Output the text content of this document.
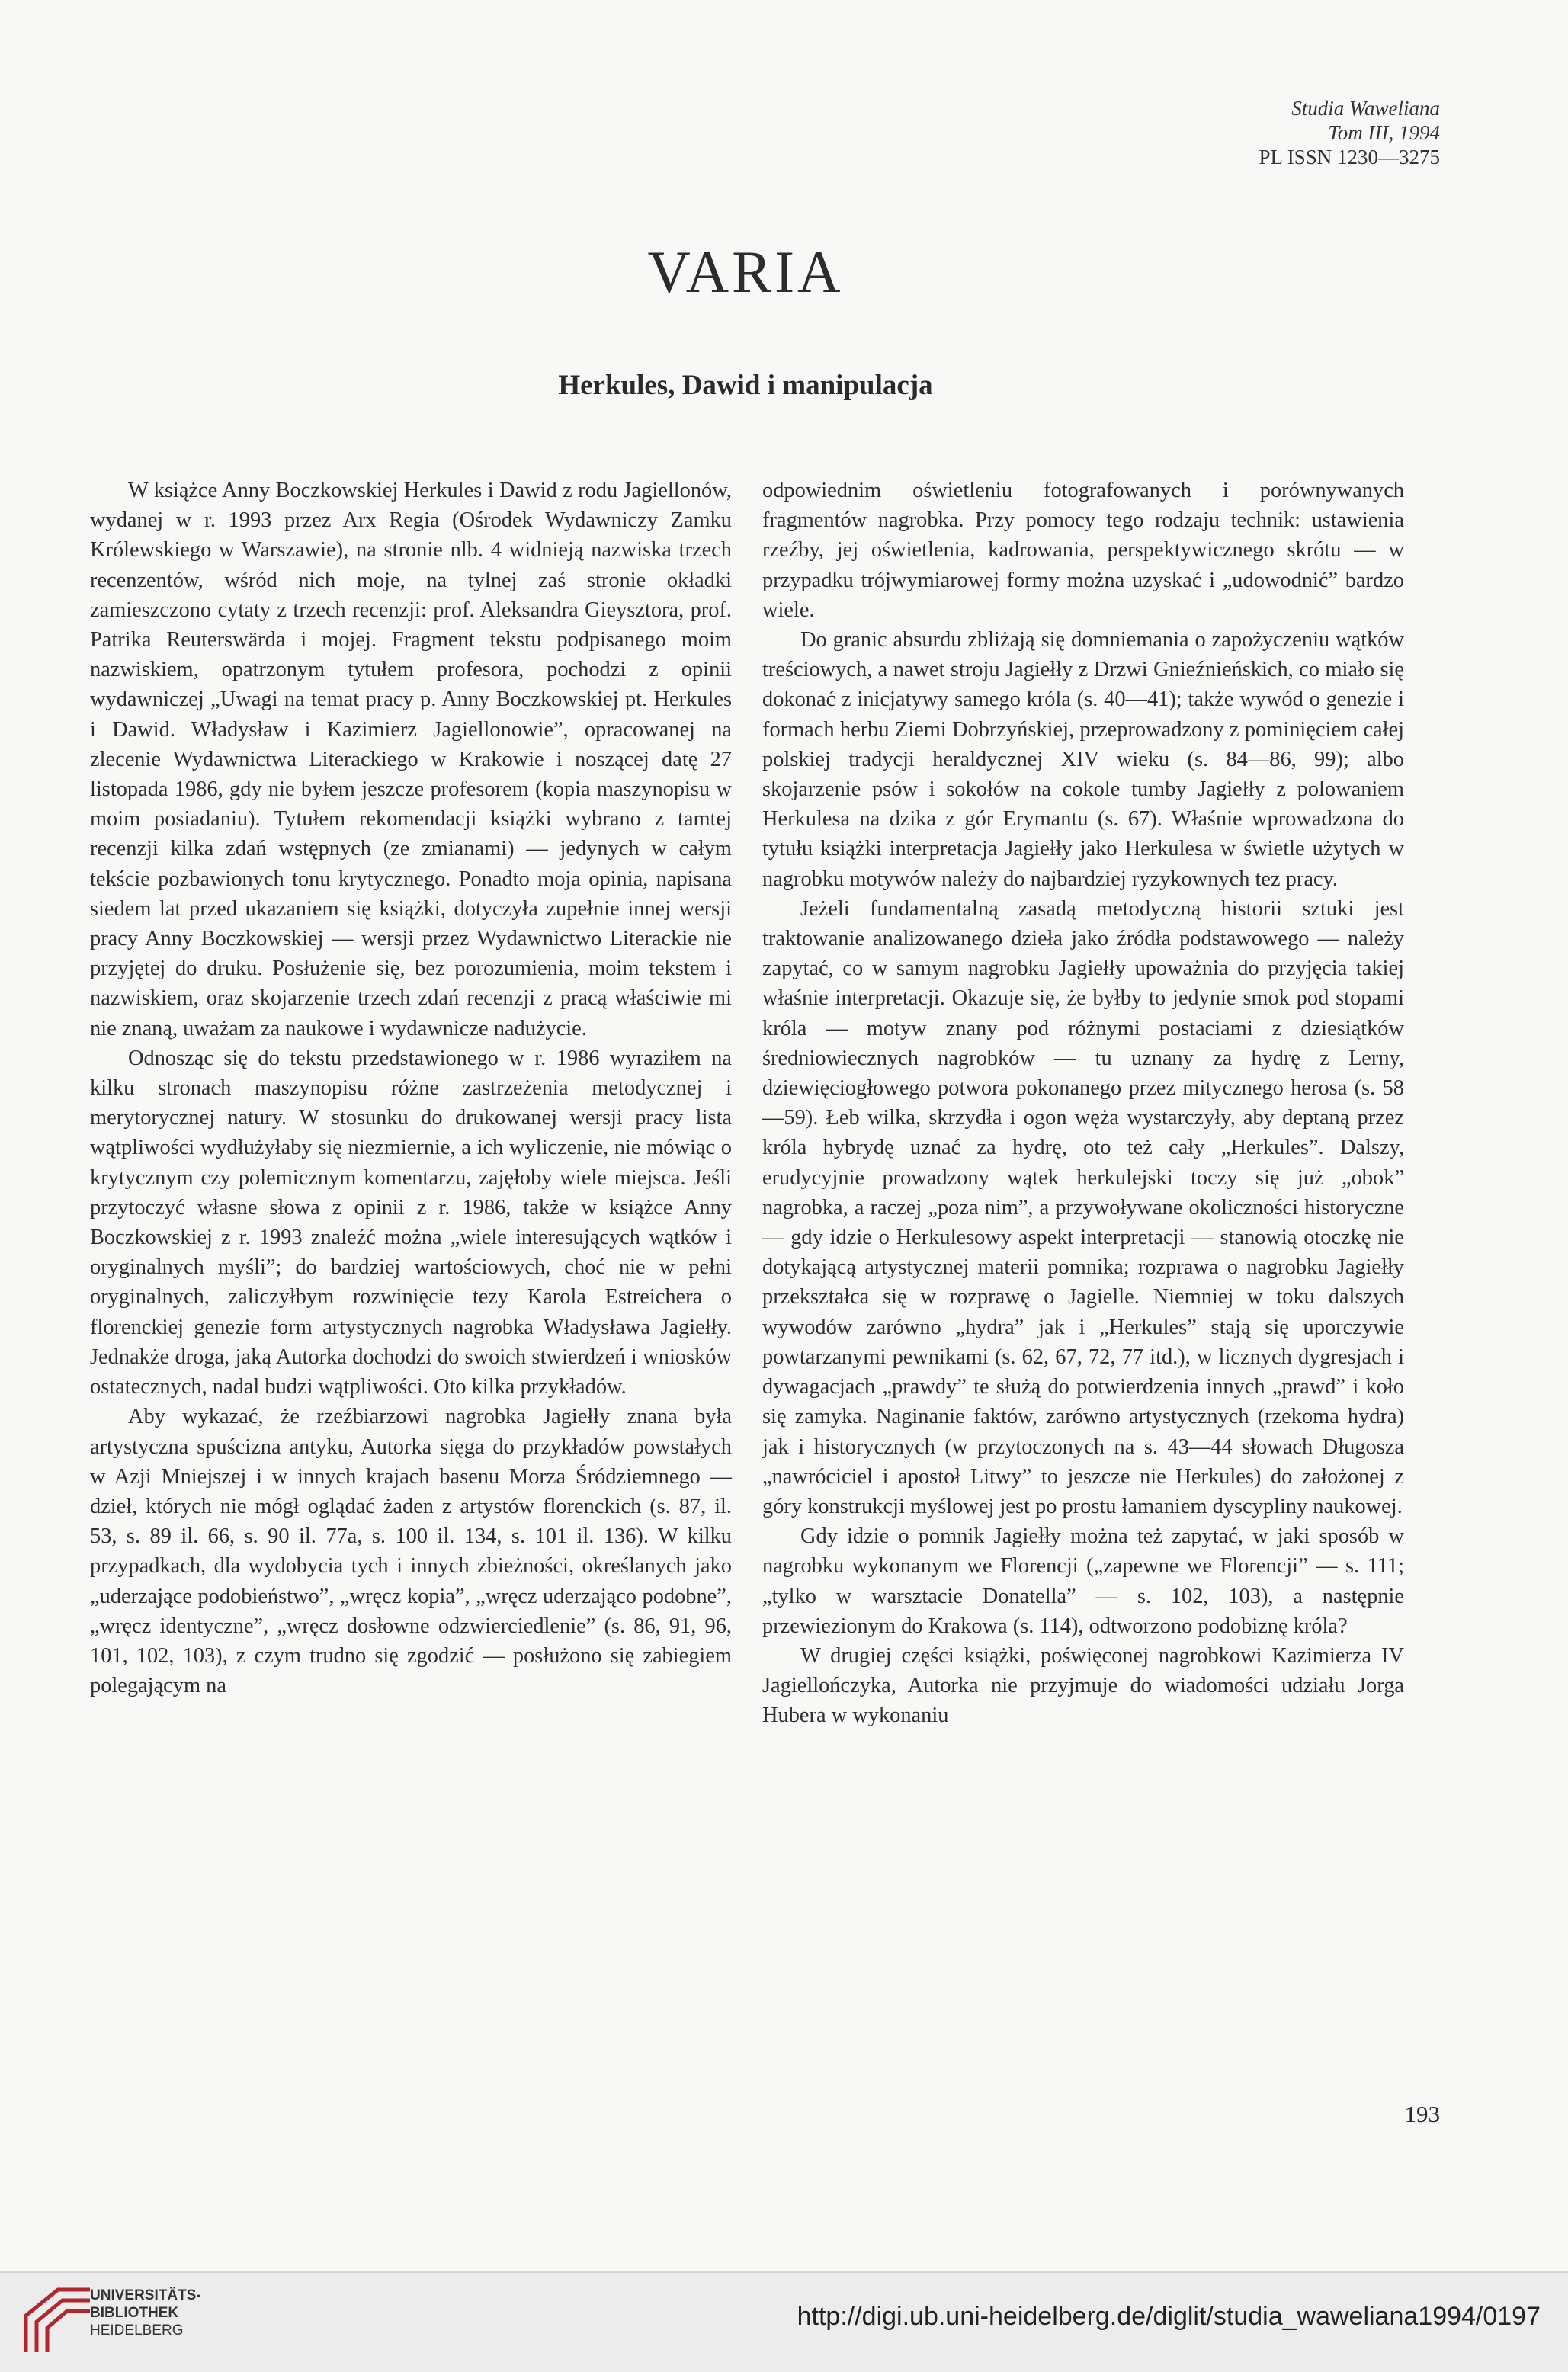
Studia Waweliana
Tom III, 1994
PL ISSN 1230—3275
VARIA
Herkules, Dawid i manipulacja

W książce Anny Boczkowskiej Herkules i Dawid z rodu Jagiellonów, wydanej w r. 1993 przez Arx Regia (Ośrodek Wydawniczy Zamku Królewskiego w Warszawie), na stronie nlb. 4 widnieją nazwiska trzech recenzentów, wśród nich moje, na tylnej zaś stronie okładki zamieszczono cytaty z trzech recenzji: prof. Aleksandra Gieysztora, prof. Patrika Reuterswärda i mojej. Fragment tekstu podpisanego moim nazwiskiem, opatrzonym tytułem profesora, pochodzi z opinii wydawniczej „Uwagi na temat pracy p. Anny Boczkowskiej pt. Herkules i Dawid. Władysław i Kazimierz Jagiellonowie”, opracowanej na zlecenie Wydawnictwa Literackiego w Krakowie i noszącej datę 27 listopada 1986, gdy nie byłem jeszcze profesorem (kopia maszynopisu w moim posiadaniu). Tytułem rekomendacji książki wybrano z tamtej recenzji kilka zdań wstępnych (ze zmianami) — jedynych w całym tekście pozbawionych tonu krytycznego. Ponadto moja opinia, napisana siedem lat przed ukazaniem się książki, dotyczyła zupełnie innej wersji pracy Anny Boczkowskiej — wersji przez Wydawnictwo Literackie nie przyjętej do druku. Posłużenie się, bez porozumienia, moim tekstem i nazwiskiem, oraz skojarzenie trzech zdań recenzji z pracą właściwie mi nie znaną, uważam za naukowe i wydawnicze nadużycie.

Odnosząc się do tekstu przedstawionego w r. 1986 wyraziłem na kilku stronach maszynopisu różne zastrzeżenia metodycznej i merytorycznej natury. W stosunku do drukowanej wersji pracy lista wątpliwości wydłużyłaby się niezmiernie, a ich wyliczenie, nie mówiąc o krytycznym czy polemicznym komentarzu, zajęłoby wiele miejsca. Jeśli przytoczyć własne słowa z opinii z r. 1986, także w książce Anny Boczkowskiej z r. 1993 znaleźć można „wiele interesujących wątków i oryginalnych myśli”; do bardziej wartościowych, choć nie w pełni oryginalnych, zaliczyłbym rozwinięcie tezy Karola Estreichera o florenckiej genezie form artystycznych nagrobka Władysława Jagiełły. Jednakże droga, jaką Autorka dochodzi do swoich stwierdzeń i wniosków ostatecznych, nadal budzi wątpliwości. Oto kilka przykładów.

Aby wykazać, że rzeźbiarzowi nagrobka Jagiełły znana była artystyczna spuścizna antyku, Autorka sięga do przykładów powstałych w Azji Mniejszej i w innych krajach basenu Morza Śródziemnego — dzieł, których nie mógł oglądać żaden z artystów florenckich (s. 87, il. 53, s. 89 il. 66, s. 90 il. 77a, s. 100 il. 134, s. 101 il. 136). W kilku przypadkach, dla wydobycia tych i innych zbieżności, określanych jako „uderzające podobieństwo”, „wręcz kopia”, „wręcz uderzająco podobne”, „wręcz identyczne”, „wręcz dosłowne odzwierciedlenie” (s. 86, 91, 96, 101, 102, 103), z czym trudno się zgodzić — posłużono się zabiegiem polegającym na

odpowiednim oświetleniu fotografowanych i porównywanych fragmentów nagrobka. Przy pomocy tego rodzaju technik: ustawienia rzeźby, jej oświetlenia, kadrowania, perspektywicznego skrótu — w przypadku trójwymiarowej formy można uzyskać i „udowodnić” bardzo wiele.

Do granic absurdu zbliżają się domniemania o zapożyczeniu wątków treściowych, a nawet stroju Jagiełły z Drzwi Gnieźnieńskich, co miało się dokonać z inicjatywy samego króla (s. 40—41); także wywód o genezie i formach herbu Ziemi Dobrzyńskiej, przeprowadzony z pominięciem całej polskiej tradycji heraldycznej XIV wieku (s. 84—86, 99); albo skojarzenie psów i sokołów na cokole tumby Jagiełły z polowaniem Herkulesa na dzika z gór Erymantu (s. 67). Właśnie wprowadzona do tytułu książki interpretacja Jagiełły jako Herkulesa w świetle użytych w nagrobku motywów należy do najbardziej ryzykownych tez pracy.

Jeżeli fundamentalną zasadą metodyczną historii sztuki jest traktowanie analizowanego dzieła jako źródła podstawowego — należy zapytać, co w samym nagrobku Jagiełły upoważnia do przyjęcia takiej właśnie interpretacji. Okazuje się, że byłby to jedynie smok pod stopami króla — motyw znany pod różnymi postaciami z dziesiątków średniowiecznych nagrobków — tu uznany za hydrę z Lerny, dziewięciogłowego potwora pokonanego przez mitycznego herosa (s. 58—59). Łeb wilka, skrzydła i ogon węża wystarczyły, aby deptaną przez króla hybrydę uznać za hydrę, oto też cały „Herkules”. Dalszy, erudycyjnie prowadzony wątek herkulejski toczy się już „obok” nagrobka, a raczej „poza nim”, a przywoływane okoliczności historyczne — gdy idzie o Herkulesowy aspekt interpretacji — stanowią otoczkę nie dotykającą artystycznej materii pomnika; rozprawa o nagrobku Jagiełły przekształca się w rozprawę o Jagielle. Niemniej w toku dalszych wywodów zarówno „hydra” jak i „Herkules” stają się uporczywie powtarzanymi pewnikami (s. 62, 67, 72, 77 itd.), w licznych dygresjach i dywagacjach „prawdy” te służą do potwierdzenia innych „prawd” i koło się zamyka. Naginanie faktów, zarówno artystycznych (rzekoma hydra) jak i historycznych (w przytoczonych na s. 43—44 słowach Długosza „nawróciciel i apostoł Litwy” to jeszcze nie Herkules) do założonej z góry konstrukcji myślowej jest po prostu łamaniem dyscypliny naukowej.

Gdy idzie o pomnik Jagiełły można też zapytać, w jaki sposób w nagrobku wykonanym we Florencji („zapewne we Florencji” — s. 111; „tylko w warsztacie Donatella” — s. 102, 103), a następnie przewiezionym do Krakowa (s. 114), odtworzono podobiznę króla?

W drugiej części książki, poświęconej nagrobkowi Kazimierza IV Jagiellończyka, Autorka nie przyjmuje do wiadomości udziału Jorga Hubera w wykonaniu

193
UNIVERSITÄTS-
BIBLIOTHEK
HEIDELBERG	http://digi.ub.uni-heidelberg.de/diglit/studia_waweliana1994/0197
